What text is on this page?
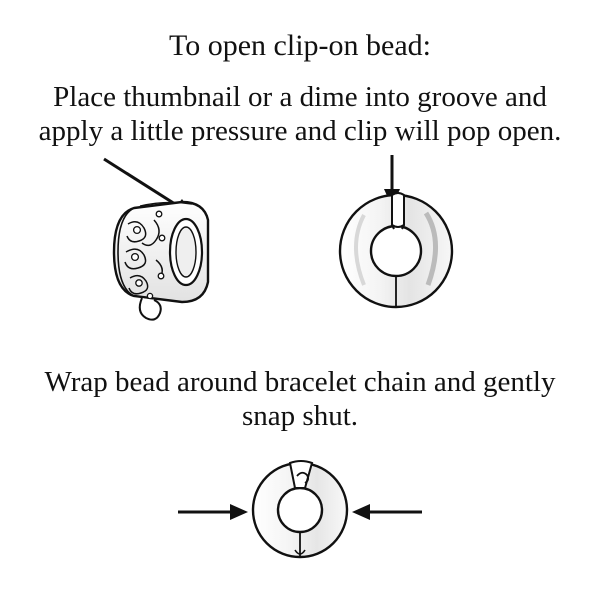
To open clip-on bead:
Place thumbnail or a dime into groove and apply a little pressure and clip will pop open.
Wrap bead around bracelet chain and gently snap shut.
